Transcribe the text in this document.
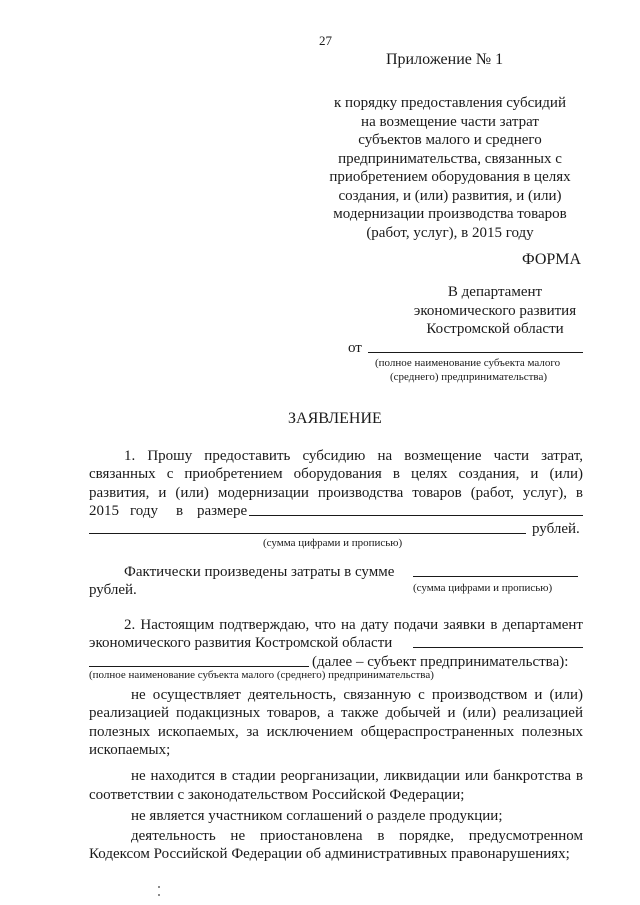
27
Приложение № 1
к порядку предоставления субсидий
на возмещение части затрат
субъектов малого и среднего
предпринимательства, связанных с
приобретением оборудования в целях
создания, и (или) развития, и (или)
модернизации производства товаров
(работ, услуг), в 2015 году
ФОРМА
В департамент
экономического развития
Костромской области
от
(полное наименование субъекта малого
(среднего) предпринимательства)
ЗАЯВЛЕНИЕ
1. Прошу предоставить субсидию на возмещение части затрат,
связанных с приобретением оборудования в целях создания, и (или)
развития, и (или) модернизации производства товаров (работ, услуг), в
2015 году в размере
рублей.
(сумма цифрами и прописью)
Фактически произведены затраты в сумме
рублей.	(сумма цифрами и прописью)
2. Настоящим подтверждаю, что на дату подачи заявки в департамент
экономического развития Костромской области
(далее – субъект предпринимательства):
(полное наименование субъекта малого (среднего) предпринимательства)
не осуществляет деятельность, связанную с производством и (или)
реализацией подакцизных товаров, а также добычей и (или) реализацией
полезных ископаемых, за исключением общераспространенных полезных
ископаемых;
не находится в стадии реорганизации, ликвидации или банкротства в
соответствии с законодательством Российской Федерации;
не является участником соглашений о разделе продукции;
деятельность не приостановлена в порядке, предусмотренном
Кодексом Российской Федерации об административных правонарушениях;
